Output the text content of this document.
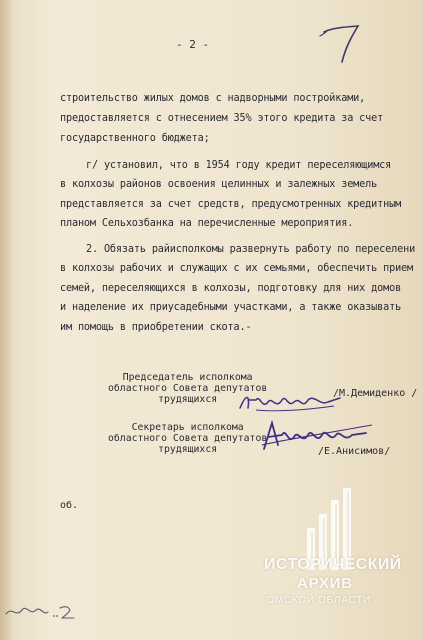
- 2 -
строительство жилых домов с надворными постройками,
предоставляется с отнесением 35% этого кредита за счет
государственного бюджета;
г/ установил, что в 1954 году кредит переселяющимся
в колхозы районов освоения целинных и залежных земель
представляется за счет средств, предусмотренных кредитным
планом Сельхозбанка на перечисленные мероприятия.
2. Обязать райисполкомы развернуть работу по переселени
в колхозы рабочих и служащих с их семьями, обеспечить прием
семей, переселяющихся в колхозы, подготовку для них домов
и наделение их приусадебными участками, а также оказывать
им помощь в приобретении скота.-
Председатель исполкома
областного Совета депутатов
трудящихся
/М.Демиденко /
Секретарь исполкома
областного Совета депутатов
трудящихся	/Е.Анисимов/
об.
ИСТОРИЧЕСКИЙ
АРХИВ
ОМСКОЙ ОБЛАСТИ
